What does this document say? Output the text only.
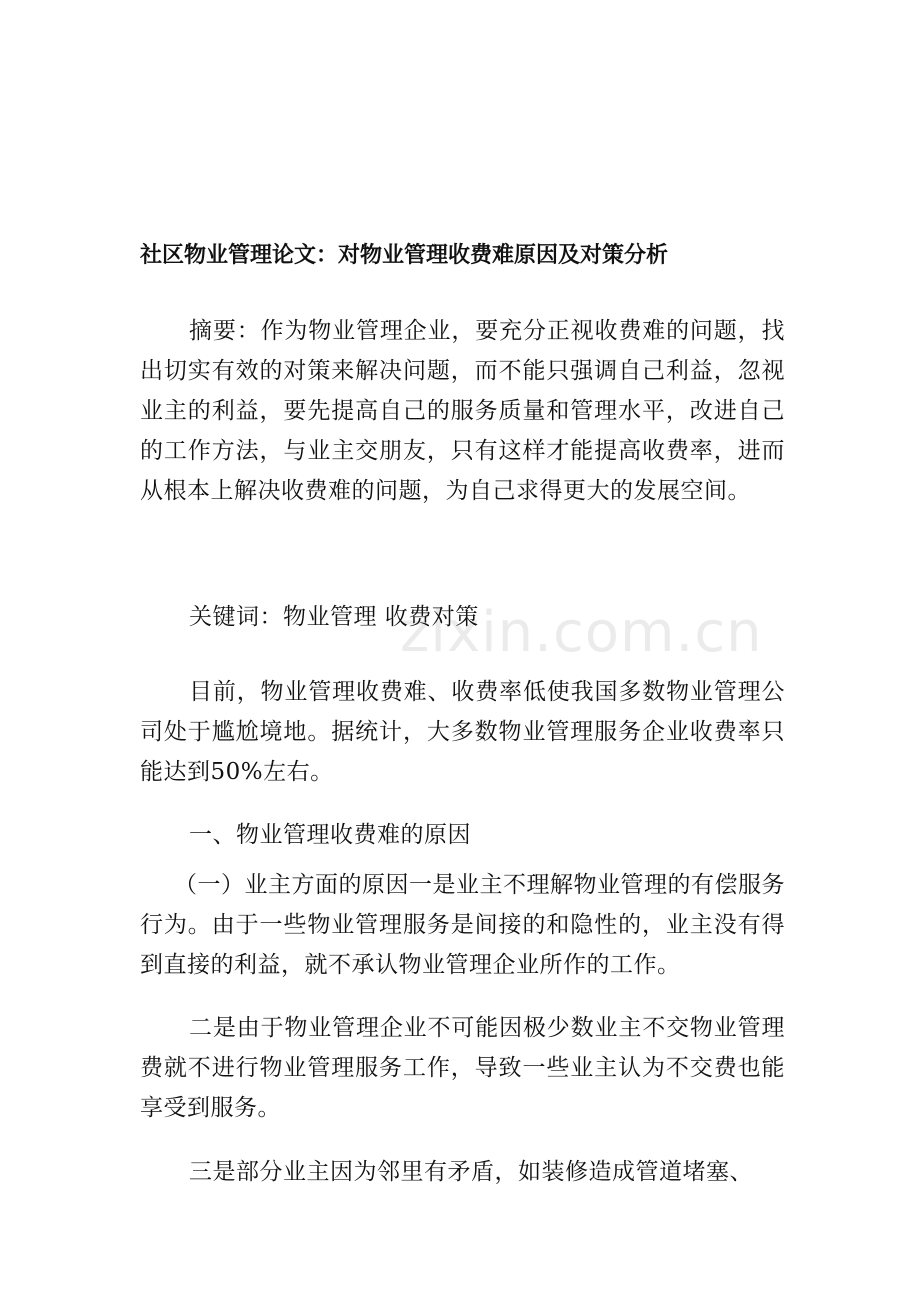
社区物业管理论文：对物业管理收费难原因及对策分析
摘要：作为物业管理企业，要充分正视收费难的问题，找出切实有效的对策来解决问题，而不能只强调自己利益，忽视业主的利益，要先提高自己的服务质量和管理水平，改进自己的工作方法，与业主交朋友，只有这样才能提高收费率，进而从根本上解决收费难的问题，为自己求得更大的发展空间。
关键词：物业管理 收费对策
目前，物业管理收费难、收费率低使我国多数物业管理公司处于尴尬境地。据统计，大多数物业管理服务企业收费率只能达到50%左右。
一、物业管理收费难的原因
（一）业主方面的原因一是业主不理解物业管理的有偿服务行为。由于一些物业管理服务是间接的和隐性的，业主没有得到直接的利益，就不承认物业管理企业所作的工作。
二是由于物业管理企业不可能因极少数业主不交物业管理费就不进行物业管理服务工作，导致一些业主认为不交费也能享受到服务。
三是部分业主因为邻里有矛盾，如装修造成管道堵塞、
zixin.com.cn
